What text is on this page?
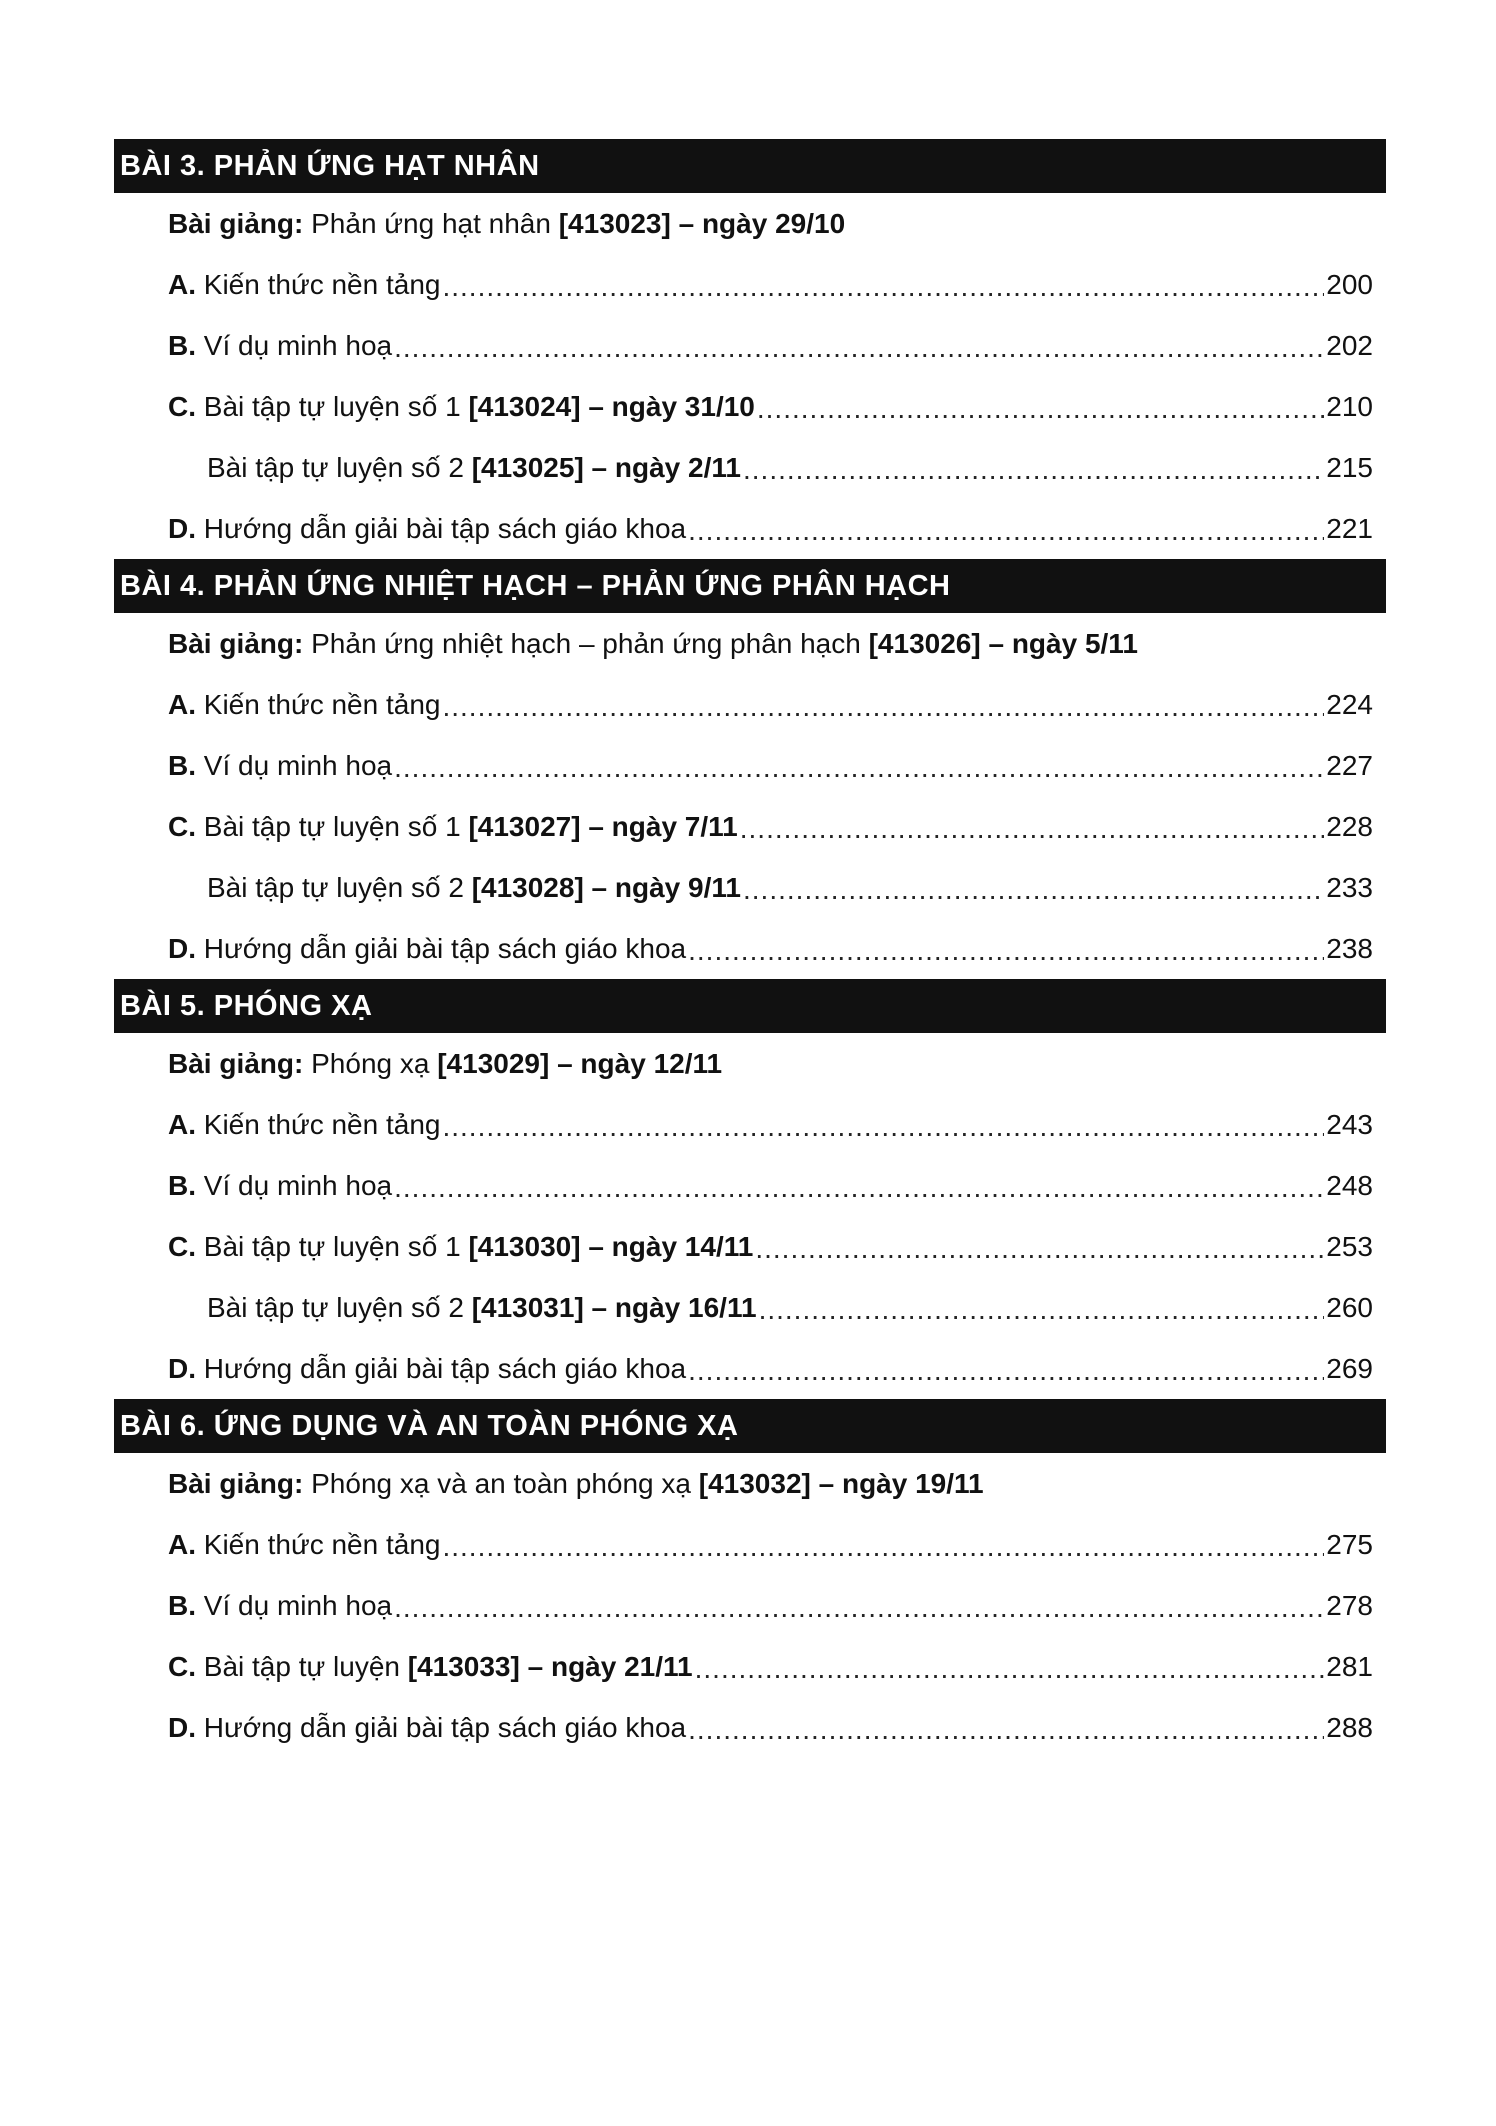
BÀI 3. PHẢN ỨNG HẠT NHÂN
Bài giảng: Phản ứng hạt nhân [413023] – ngày 29/10
A. Kiến thức nền tảng .....	200
B. Ví dụ minh hoạ .....	202
C. Bài tập tự luyện số 1 [413024] – ngày 31/10 .....	210
Bài tập tự luyện số 2 [413025] – ngày 2/11 .....	215
D. Hướng dẫn giải bài tập sách giáo khoa .....	221
BÀI 4. PHẢN ỨNG NHIỆT HẠCH – PHẢN ỨNG PHÂN HẠCH
Bài giảng: Phản ứng nhiệt hạch – phản ứng phân hạch [413026] – ngày 5/11
A. Kiến thức nền tảng .....	224
B. Ví dụ minh hoạ .....	227
C. Bài tập tự luyện số 1 [413027] – ngày 7/11 .....	228
Bài tập tự luyện số 2 [413028] – ngày 9/11 .....	233
D. Hướng dẫn giải bài tập sách giáo khoa .....	238
BÀI 5. PHÓNG XẠ
Bài giảng: Phóng xạ [413029] – ngày 12/11
A. Kiến thức nền tảng .....	243
B. Ví dụ minh hoạ .....	248
C. Bài tập tự luyện số 1 [413030] – ngày 14/11 .....	253
Bài tập tự luyện số 2 [413031] – ngày 16/11 .....	260
D. Hướng dẫn giải bài tập sách giáo khoa .....	269
BÀI 6. ỨNG DỤNG VÀ AN TOÀN PHÓNG XẠ
Bài giảng: Phóng xạ và an toàn phóng xạ [413032] – ngày 19/11
A. Kiến thức nền tảng .....	275
B. Ví dụ minh hoạ .....	278
C. Bài tập tự luyện [413033] – ngày 21/11 .....	281
D. Hướng dẫn giải bài tập sách giáo khoa .....	288
